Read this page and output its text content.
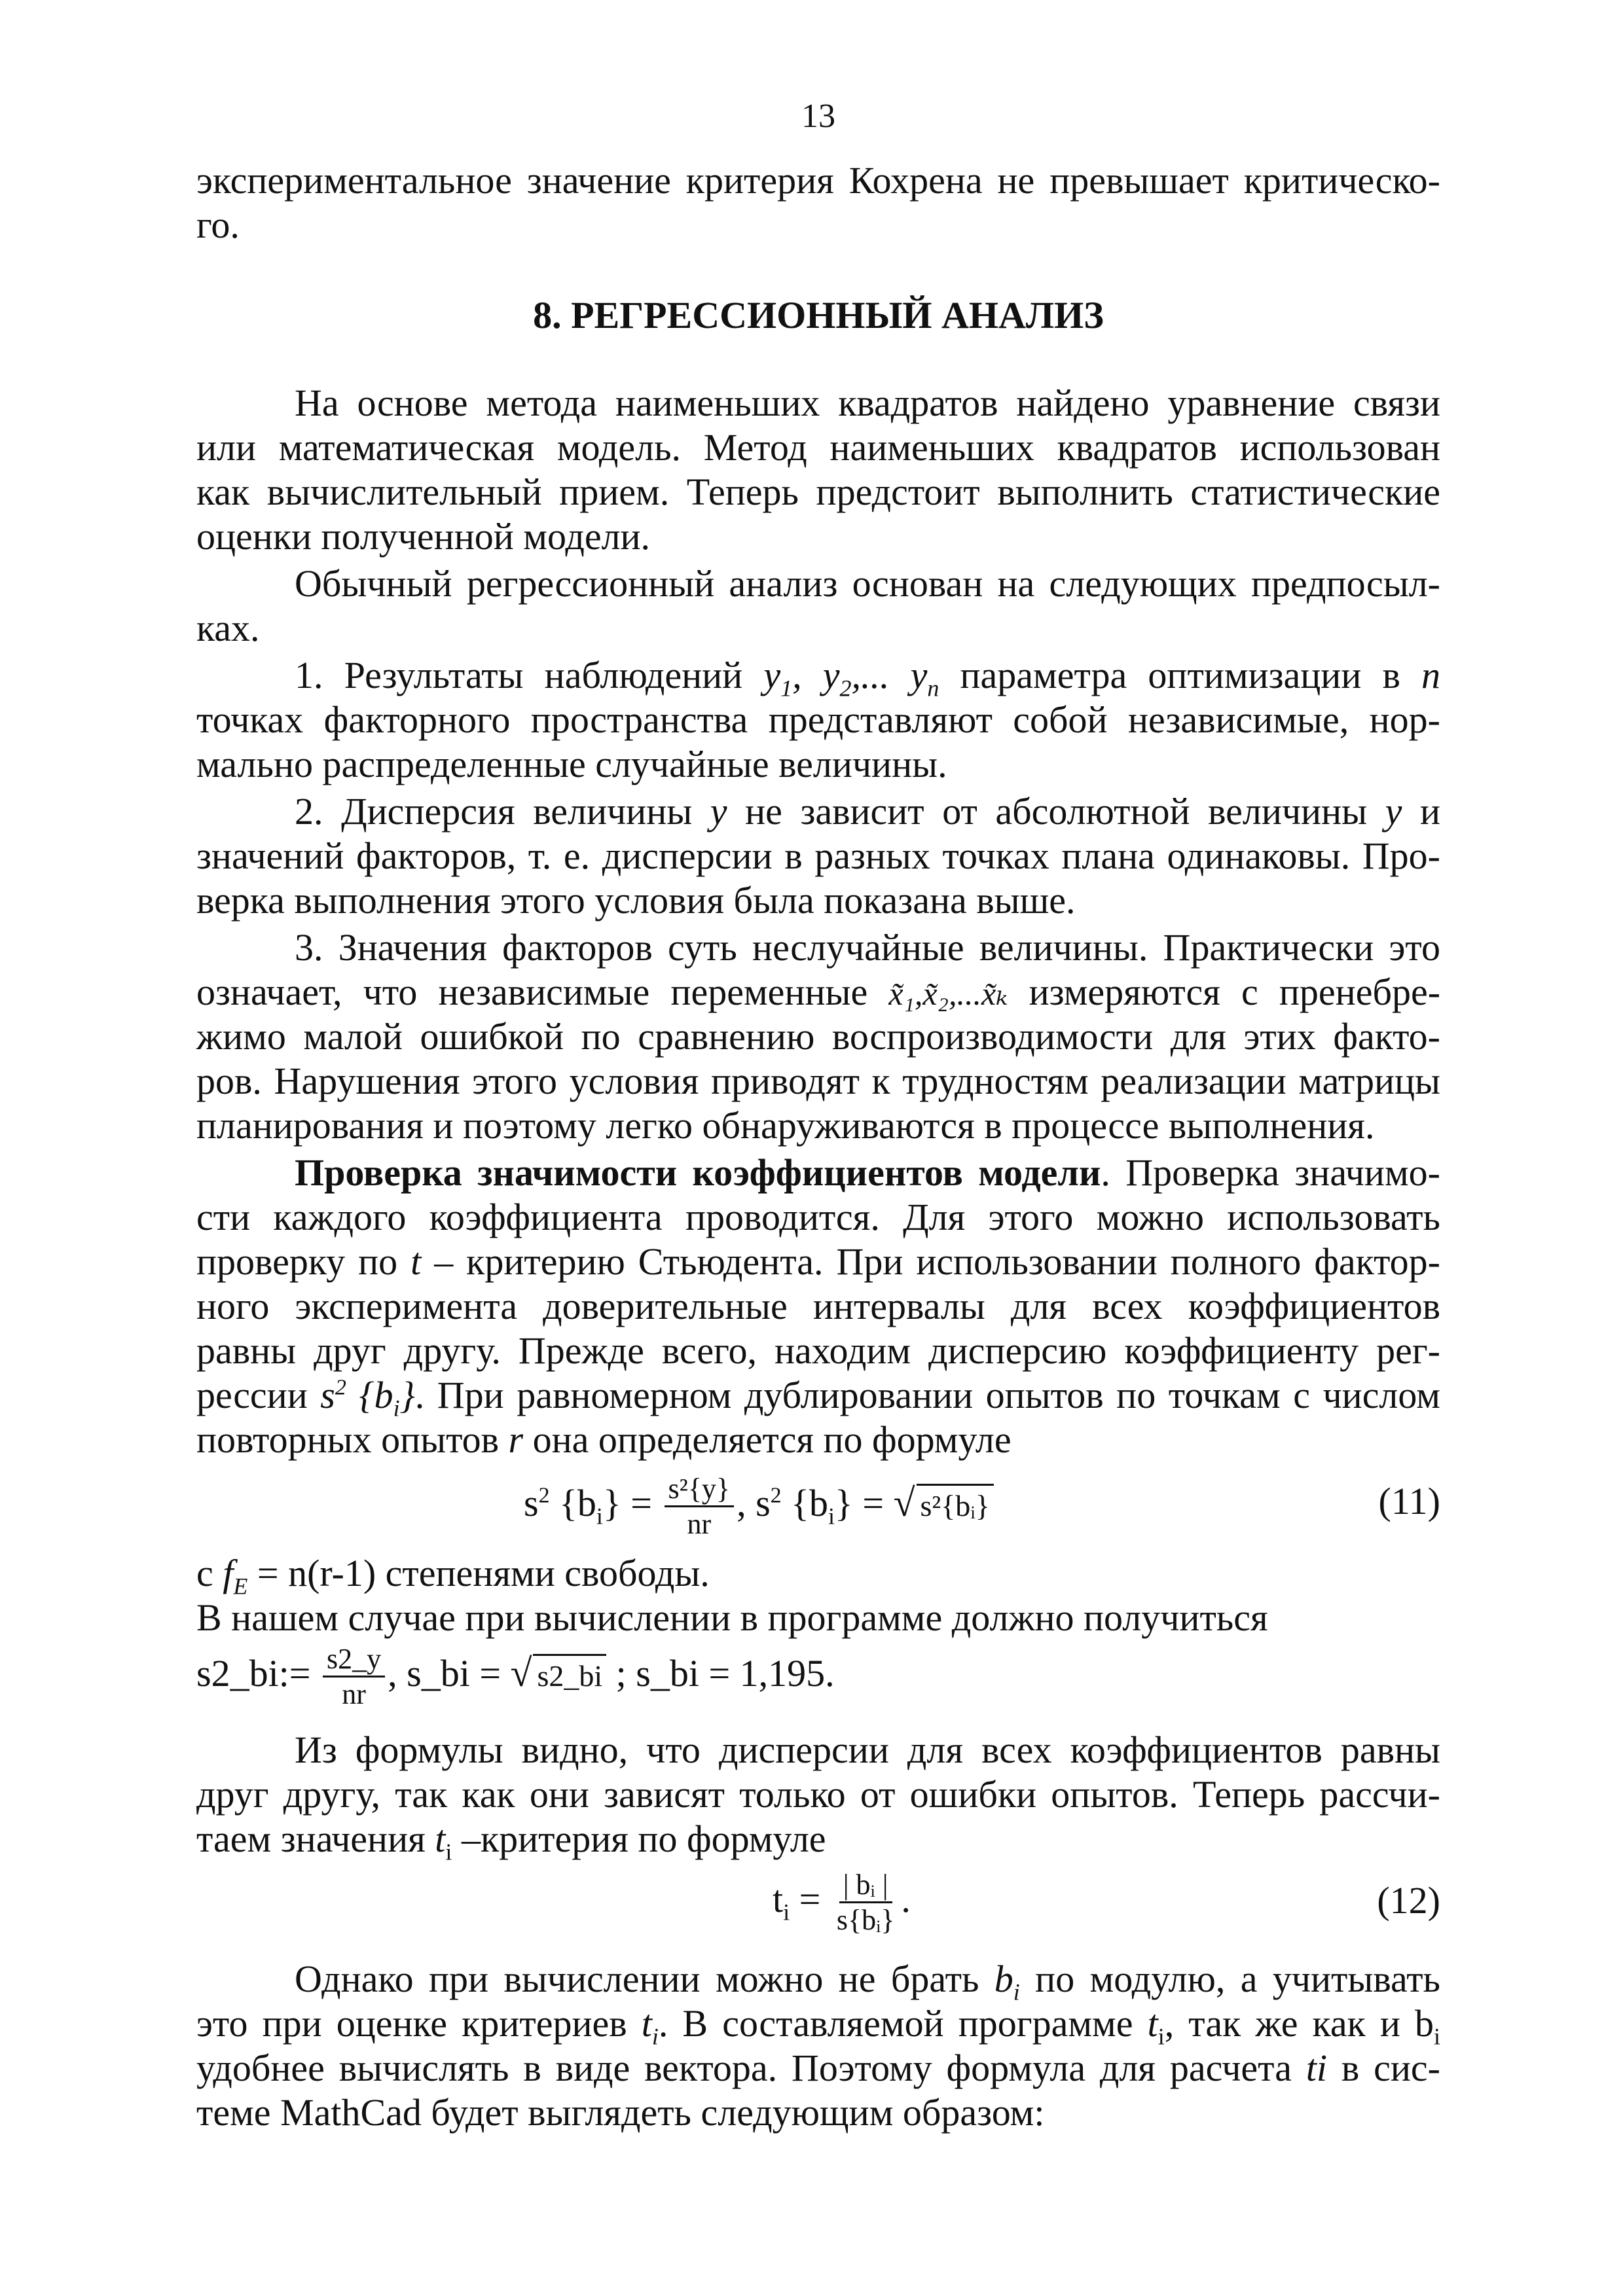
13
экспериментальное значение критерия Кохрена не превышает критическо-
го.
8. РЕГРЕССИОННЫЙ АНАЛИЗ
На основе метода наименьших квадратов найдено уравнение связи
или математическая модель. Метод наименьших квадратов использован
как вычислительный прием. Теперь предстоит выполнить статистические
оценки полученной модели.
Обычный регрессионный анализ основан на следующих предпосыл-
ках.
1. Результаты наблюдений $y_1$, $y_2$,... $y_n$ параметра оптимизации в n
точках факторного пространства представляют собой независимые, нор-
мально распределенные случайные величины.
2. Дисперсия величины y не зависит от абсолютной величины y и
значений факторов, т. е. дисперсии в разных точках плана одинаковы. Про-
верка выполнения этого условия была показана выше.
3. Значения факторов суть неслучайные величины. Практически это
означает, что независимые переменные x̃₁,x̃₂,...x̃ₖ измеряются с пренебре-
жимо малой ошибкой по сравнению воспроизводимости для этих факто-
ров. Нарушения этого условия приводят к трудностям реализации матрицы
планирования и поэтому легко обнаруживаются в процессе выполнения.
Проверка значимости коэффициентов модели. Проверка значимо-
сти каждого коэффициента проводится. Для этого можно использовать
проверку по t – критерию Стьюдента. При использовании полного фактор-
ного эксперимента доверительные интервалы для всех коэффициентов
равны друг другу. Прежде всего, находим дисперсию коэффициенту рег-
рессии $s^2$ $\{b_i\}$. При равномерном дублировании опытов по точкам с числом
повторных опытов r она определяется по формуле
$s^2$ $\{b_i\} = \frac{\text{s²\{y\}}}{nr}$ , $s^2$ $\{b_i\}$ = √ s²{bᵢ}	(11)
с $f_E = n(r-1)$ степенями свободы.
В нашем случае при вычислении в программе должно получиться
s2_bi:= $\frac{s2\_y}{nr}$ , s_bi = √ s2_bi ; s_bi = 1,195.
Из формулы видно, что дисперсии для всех коэффициентов равны
друг другу, так как они зависят только от ошибки опытов. Теперь рассчи-
таем значения $t_i$ –критерия по формуле
$t_i = \frac{\text{| bᵢ |}}{\text{s\{bᵢ\}}}$ .	(12)
Однако при вычислении можно не брать $b_i$ по модулю, а учитывать
это при оценке критериев $t_i$. В составляемой программе $t_i$, так же как и $b_i$
удобнее вычислять в виде вектора. Поэтому формула для расчета ti в сис-
теме MathCad будет выглядеть следующим образом:
